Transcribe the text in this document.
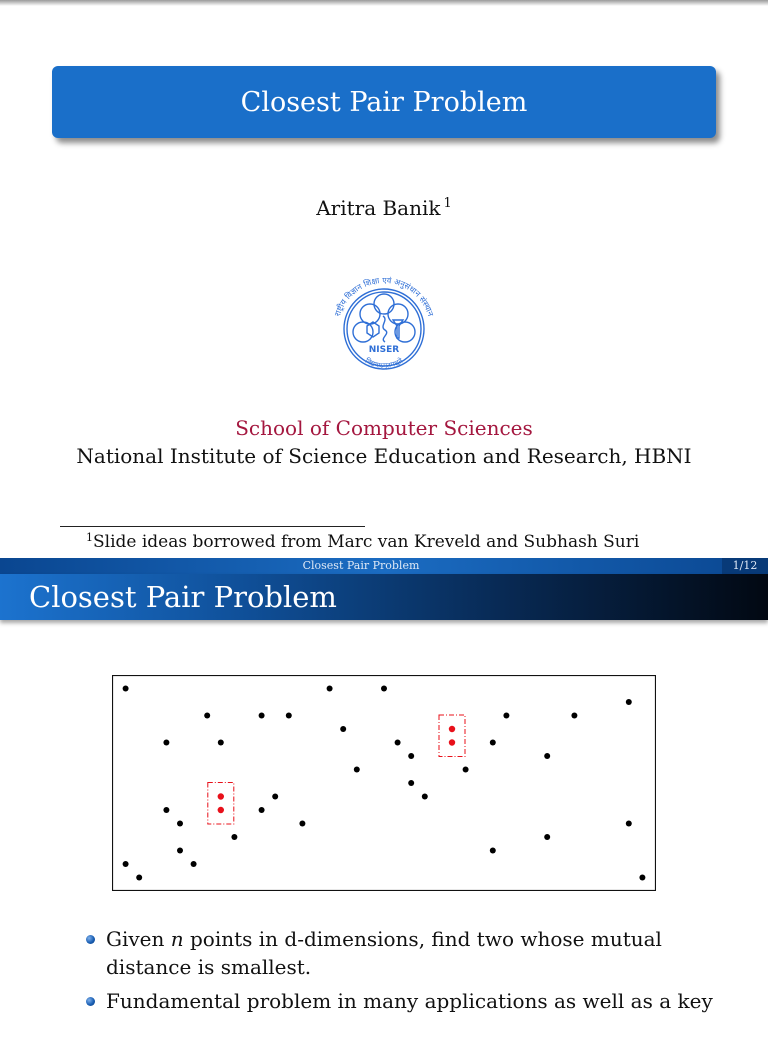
Closest Pair Problem
Aritra Banik $^1$
NISER
राष्ट्रीय विज्ञान शिक्षा एवं अनुसंधान संस्थान
विद्ययाऽमृतमश्नुते
School of Computer Sciences
National Institute of Science Education and Research, HBNI
$^1$Slide ideas borrowed from Marc van Kreveld and Subhash Suri
Closest Pair Problem	1/12
Closest Pair Problem
Given n points in d-dimensions, find two whose mutual
distance is smallest.
Fundamental problem in many applications as well as a key
